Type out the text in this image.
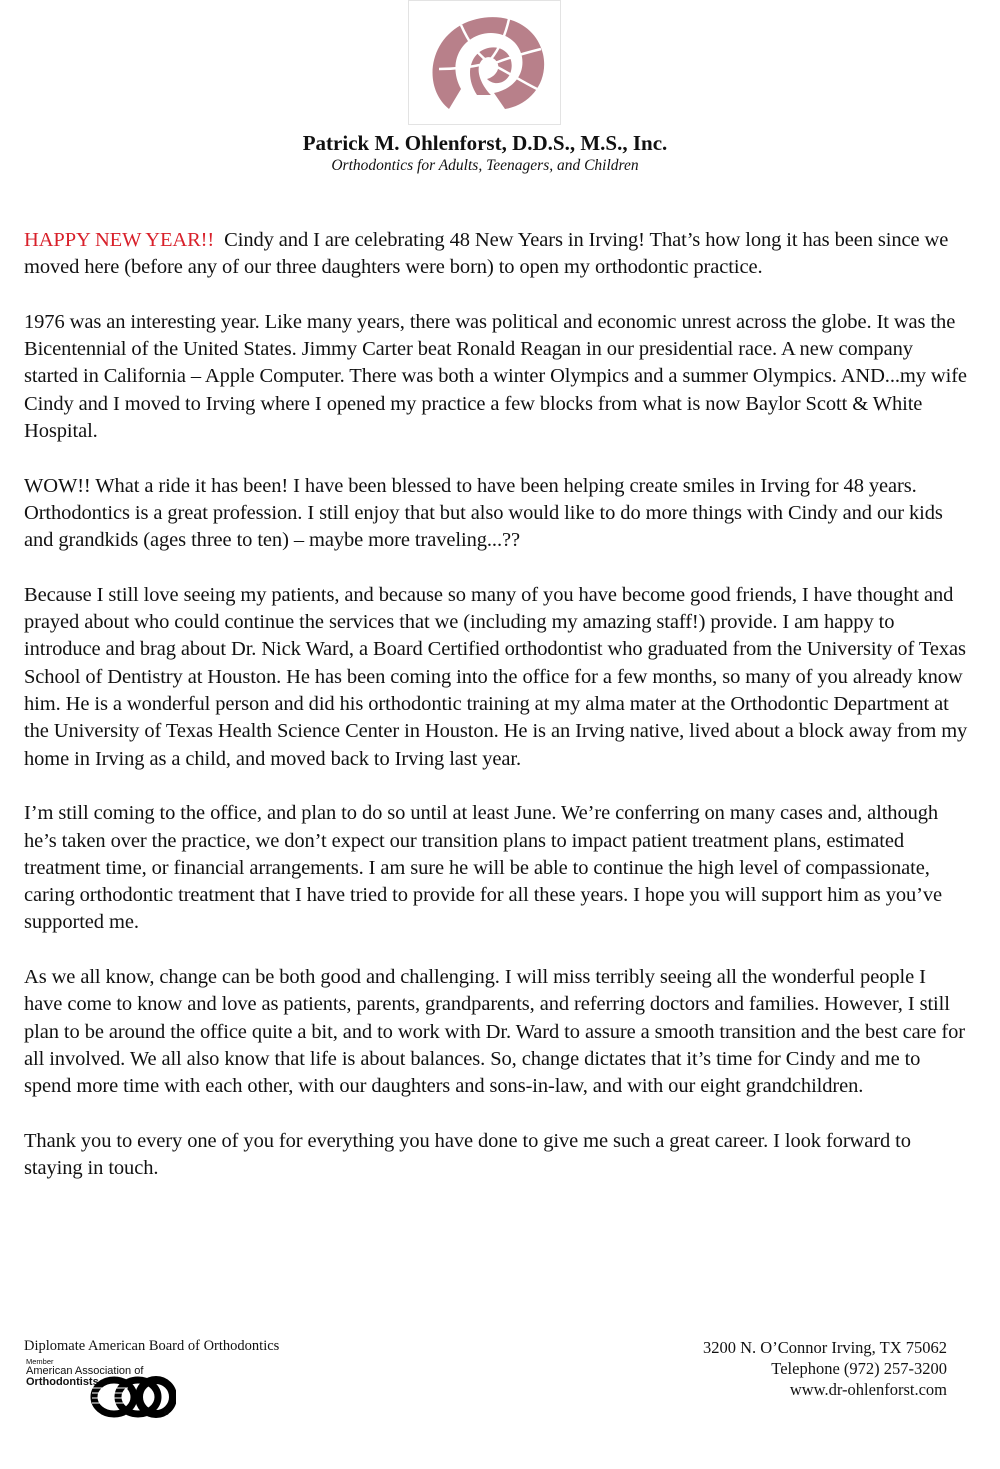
Patrick M. Ohlenforst, D.D.S., M.S., Inc.
Orthodontics for Adults, Teenagers, and Children

HAPPY NEW YEAR!!  Cindy and I are celebrating 48 New Years in Irving! That’s how long it has been since we moved here (before any of our three daughters were born) to open my orthodontic practice.

1976 was an interesting year. Like many years, there was political and economic unrest across the globe. It was the Bicentennial of the United States. Jimmy Carter beat Ronald Reagan in our presidential race. A new company started in California – Apple Computer. There was both a winter Olympics and a summer Olympics. AND...my wife Cindy and I moved to Irving where I opened my practice a few blocks from what is now Baylor Scott & White Hospital.

WOW!! What a ride it has been! I have been blessed to have been helping create smiles in Irving for 48 years. Orthodontics is a great profession. I still enjoy that but also would like to do more things with Cindy and our kids and grandkids (ages three to ten) – maybe more traveling...??

Because I still love seeing my patients, and because so many of you have become good friends, I have thought and prayed about who could continue the services that we (including my amazing staff!) provide. I am happy to introduce and brag about Dr. Nick Ward, a Board Certified orthodontist who graduated from the University of Texas School of Dentistry at Houston. He has been coming into the office for a few months, so many of you already know him. He is a wonderful person and did his orthodontic training at my alma mater at the Orthodontic Department at the University of Texas Health Science Center in Houston. He is an Irving native, lived about a block away from my home in Irving as a child, and moved back to Irving last year.

I’m still coming to the office, and plan to do so until at least June. We’re conferring on many cases and, although he’s taken over the practice, we don’t expect our transition plans to impact patient treatment plans, estimated treatment time, or financial arrangements. I am sure he will be able to continue the high level of compassionate, caring orthodontic treatment that I have tried to provide for all these years. I hope you will support him as you’ve supported me.

As we all know, change can be both good and challenging. I will miss terribly seeing all the wonderful people I have come to know and love as patients, parents, grandparents, and referring doctors and families. However, I still plan to be around the office quite a bit, and to work with Dr. Ward to assure a smooth transition and the best care for all involved. We all also know that life is about balances. So, change dictates that it’s time for Cindy and me to spend more time with each other, with our daughters and sons-in-law, and with our eight grandchildren.

Thank you to every one of you for everything you have done to give me such a great career. I look forward to staying in touch.

Diplomate American Board of Orthodontics
Member
American Association of
Orthodontists
®
3200 N. O’Connor Irving, TX 75062
Telephone (972) 257-3200
www.dr-ohlenforst.com
